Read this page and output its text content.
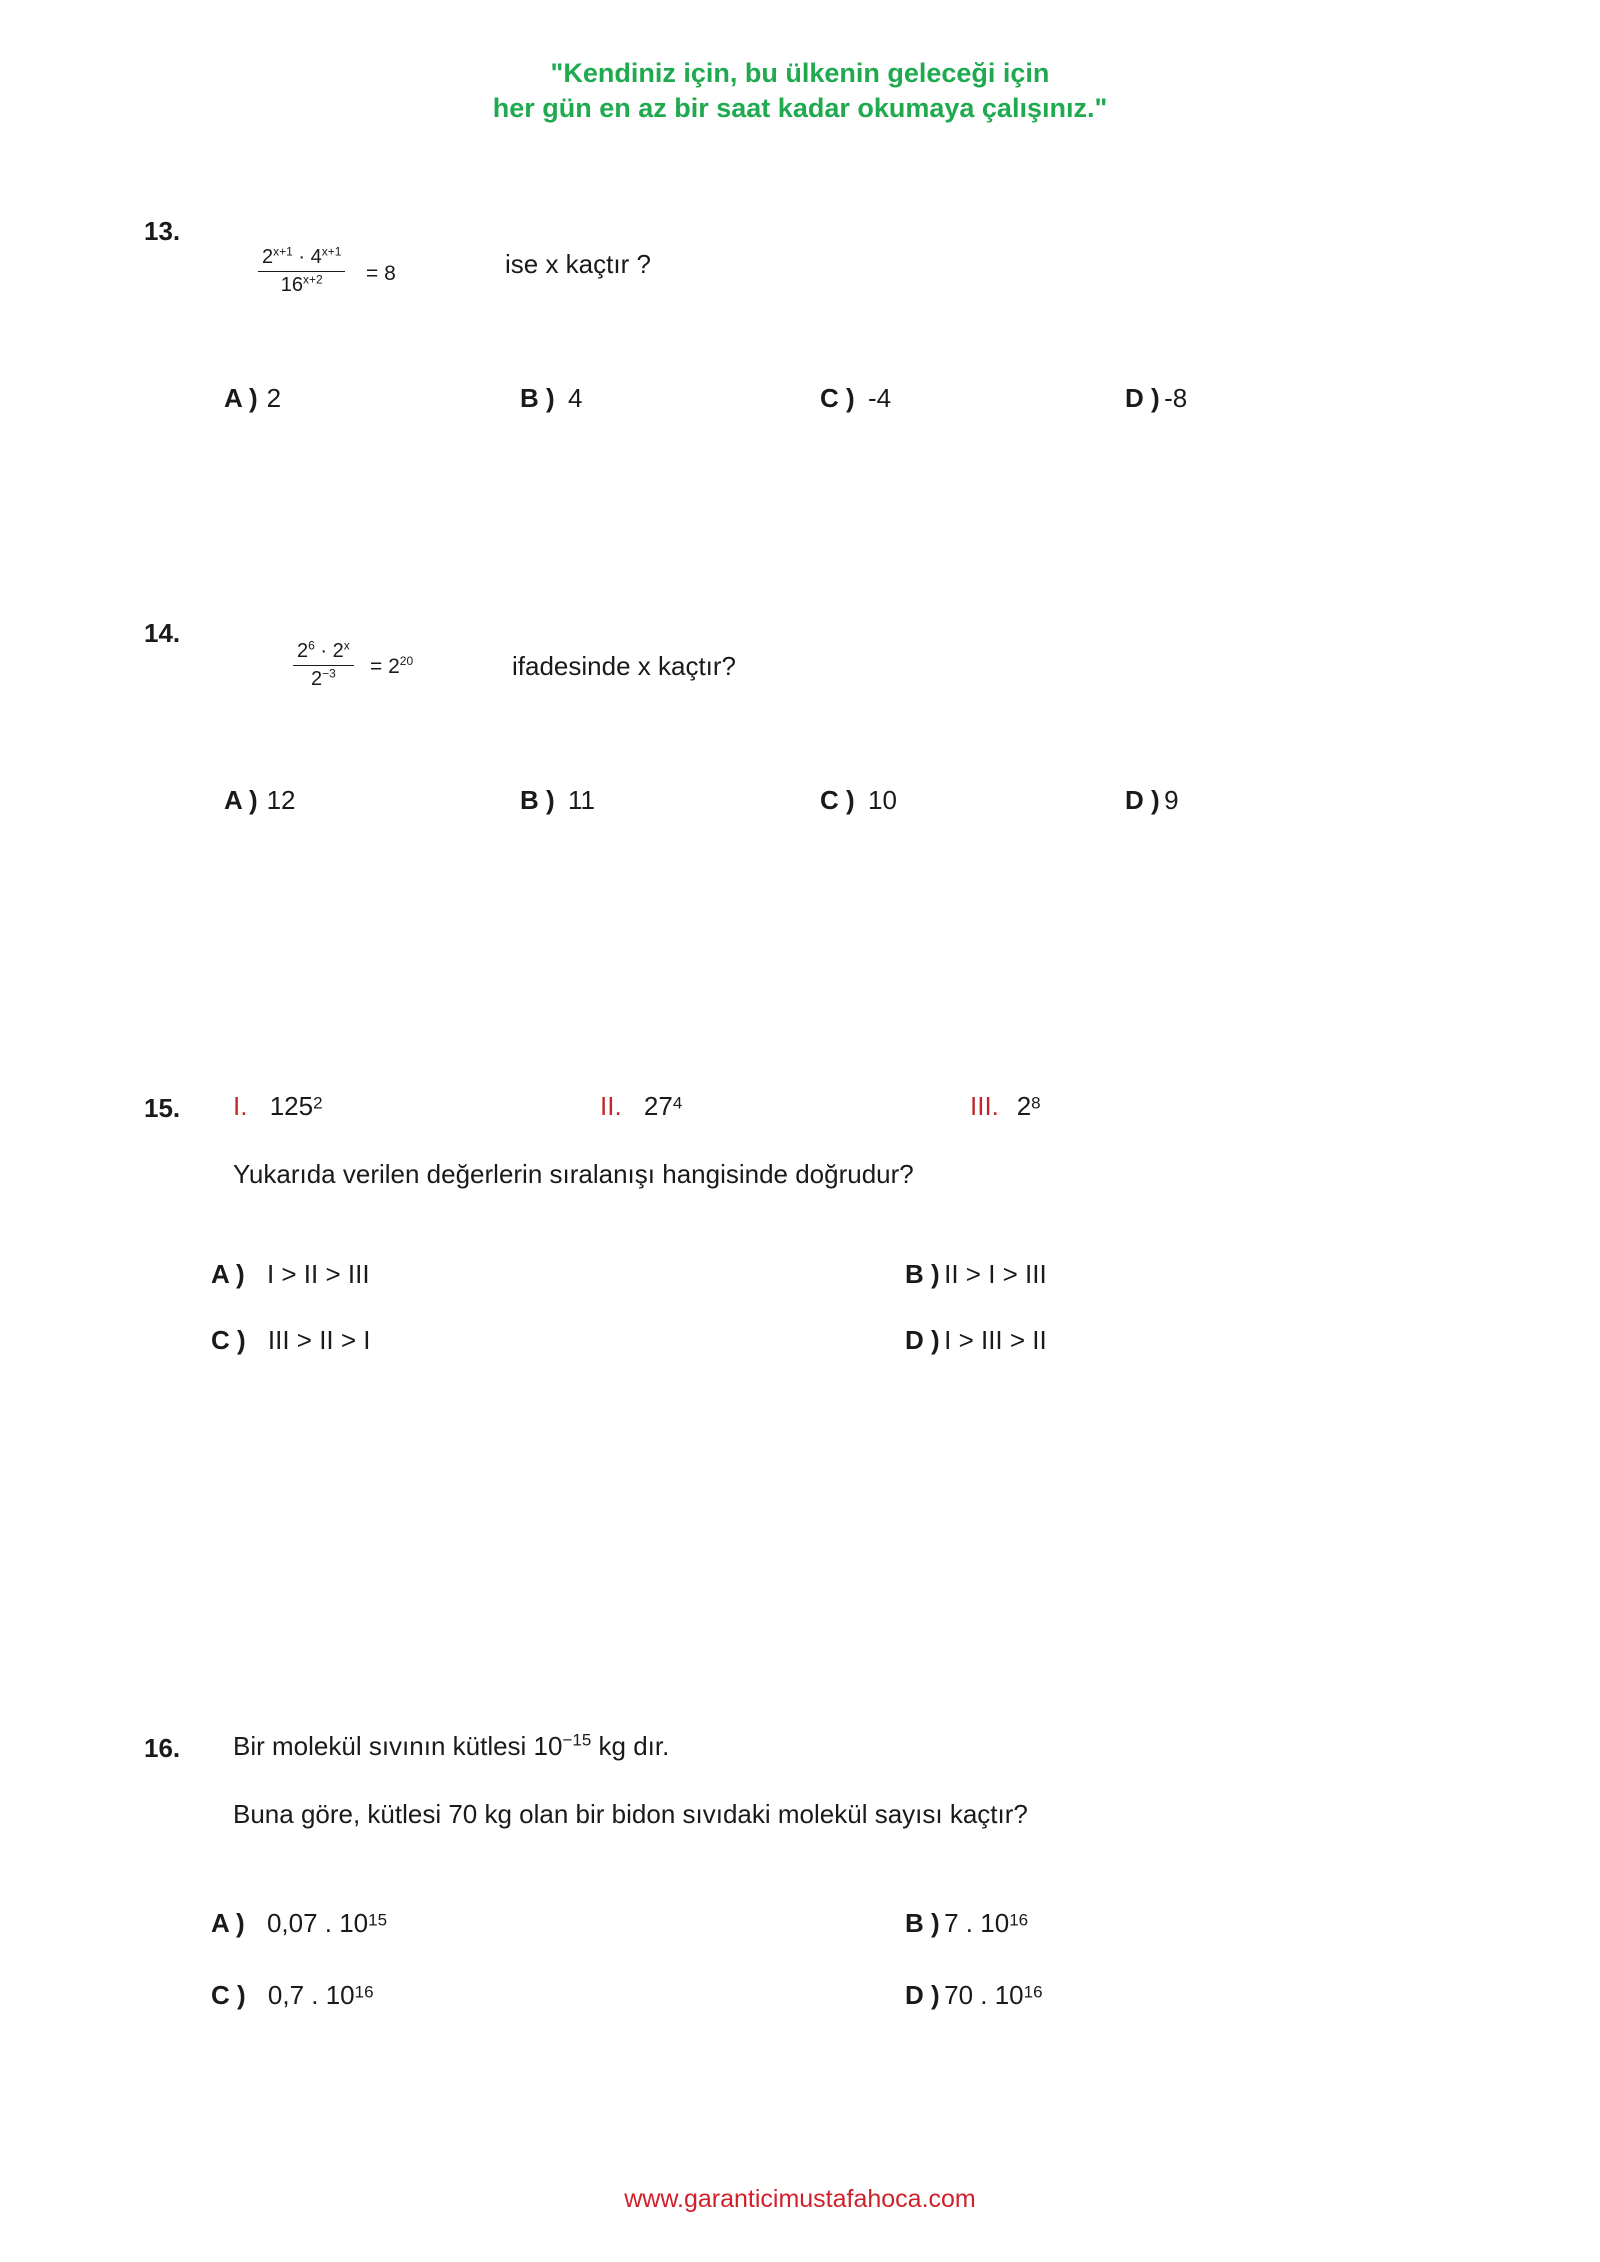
"Kendiniz için, bu ülkenin geleceği için
her gün en az bir saat kadar okumaya çalışınız."
13.
$\frac{2^{x+1} \cdot 4^{x+1}}{16^{x+2}} = 8$	ise x kaçtır ?
A ) 2	B ) 4	C ) -4	D ) -8
14.
$\frac{2^6 \cdot 2^x}{2^{-3}} = 2^{20}$	ifadesinde x kaçtır?
A ) 12	B ) 11	C ) 10	D ) 9
15. I. $125^2$	II. $27^4$	III. $2^8$
Yukarıda verilen değerlerin sıralanışı hangisinde doğrudur?
A ) I > II > III	B ) II > I > III
C ) III > II > I	D ) I > III > II
16. Bir molekül sıvının kütlesi $10^{-15}$ kg dır.
Buna göre, kütlesi 70 kg olan bir bidon sıvıdaki molekül sayısı kaçtır?
A ) 0,07 . $10^{15}$	B ) 7 . $10^{16}$
C ) 0,7 . $10^{16}$	D ) 70 . $10^{16}$
www.garanticimustafahoca.com
